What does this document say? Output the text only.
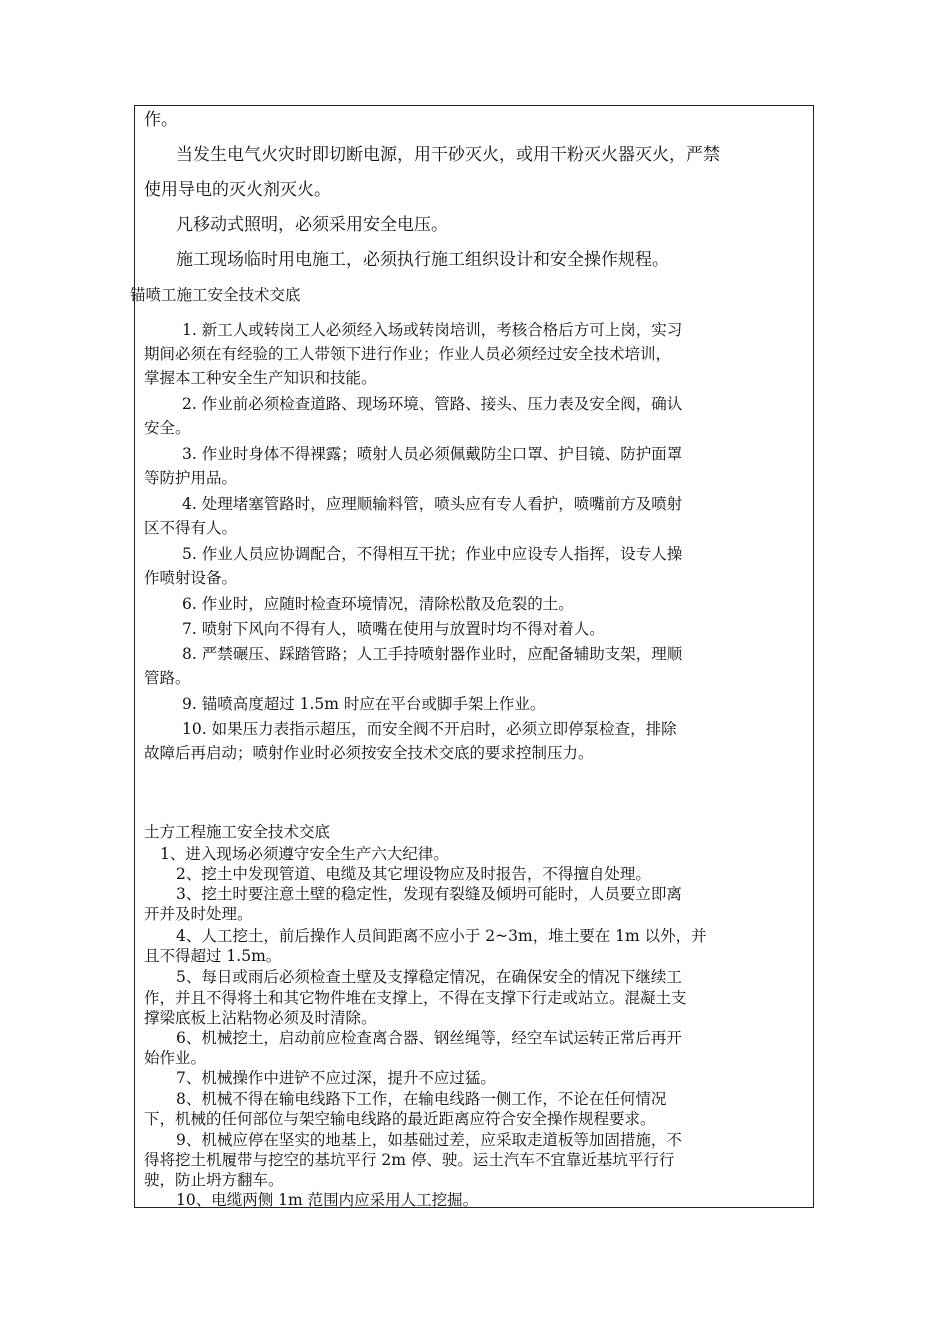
作。
当发生电气火灾时即切断电源，用干砂灭火，或用干粉灭火器灭火，严禁
使用导电的灭火剂灭火。
凡移动式照明，必须采用安全电压。
施工现场临时用电施工，必须执行施工组织设计和安全操作规程。
锚喷工施工安全技术交底
1. 新工人或转岗工人必须经入场或转岗培训，考核合格后方可上岗，实习
期间必须在有经验的工人带领下进行作业；作业人员必须经过安全技术培训，
掌握本工种安全生产知识和技能。
2. 作业前必须检查道路、现场环境、管路、接头、压力表及安全阀，确认
安全。
3. 作业时身体不得裸露；喷射人员必须佩戴防尘口罩、护目镜、防护面罩
等防护用品。
4. 处理堵塞管路时，应理顺输料管，喷头应有专人看护，喷嘴前方及喷射
区不得有人。
5. 作业人员应协调配合，不得相互干扰；作业中应设专人指挥，设专人操
作喷射设备。
6. 作业时，应随时检查环境情况，清除松散及危裂的土。
7. 喷射下风向不得有人，喷嘴在使用与放置时均不得对着人。
8. 严禁碾压、踩踏管路；人工手持喷射器作业时，应配备辅助支架，理顺
管路。
9. 锚喷高度超过 1.5m 时应在平台或脚手架上作业。
10. 如果压力表指示超压，而安全阀不开启时，必须立即停泵检查，排除
故障后再启动；喷射作业时必须按安全技术交底的要求控制压力。
土方工程施工安全技术交底
1、进入现场必须遵守安全生产六大纪律。
2、挖土中发现管道、电缆及其它埋设物应及时报告，不得擅自处理。
3、挖土时要注意土壁的稳定性，发现有裂缝及倾坍可能时，人员要立即离
开并及时处理。
4、人工挖土，前后操作人员间距离不应小于 2~3m，堆土要在 1m 以外，并
且不得超过 1.5m。
5、每日或雨后必须检查土壁及支撑稳定情况，在确保安全的情况下继续工
作，并且不得将土和其它物件堆在支撑上，不得在支撑下行走或站立。混凝土支
撑梁底板上沾粘物必须及时清除。
6、机械挖土，启动前应检查离合器、钢丝绳等，经空车试运转正常后再开
始作业。
7、机械操作中进铲不应过深，提升不应过猛。
8、机械不得在输电线路下工作，在输电线路一侧工作，不论在任何情况
下，机械的任何部位与架空输电线路的最近距离应符合安全操作规程要求。
9、机械应停在坚实的地基上，如基础过差，应采取走道板等加固措施，不
得将挖土机履带与挖空的基坑平行 2m 停、驶。运土汽车不宜靠近基坑平行行
驶，防止坍方翻车。
10、电缆两侧 1m 范围内应采用人工挖掘。
